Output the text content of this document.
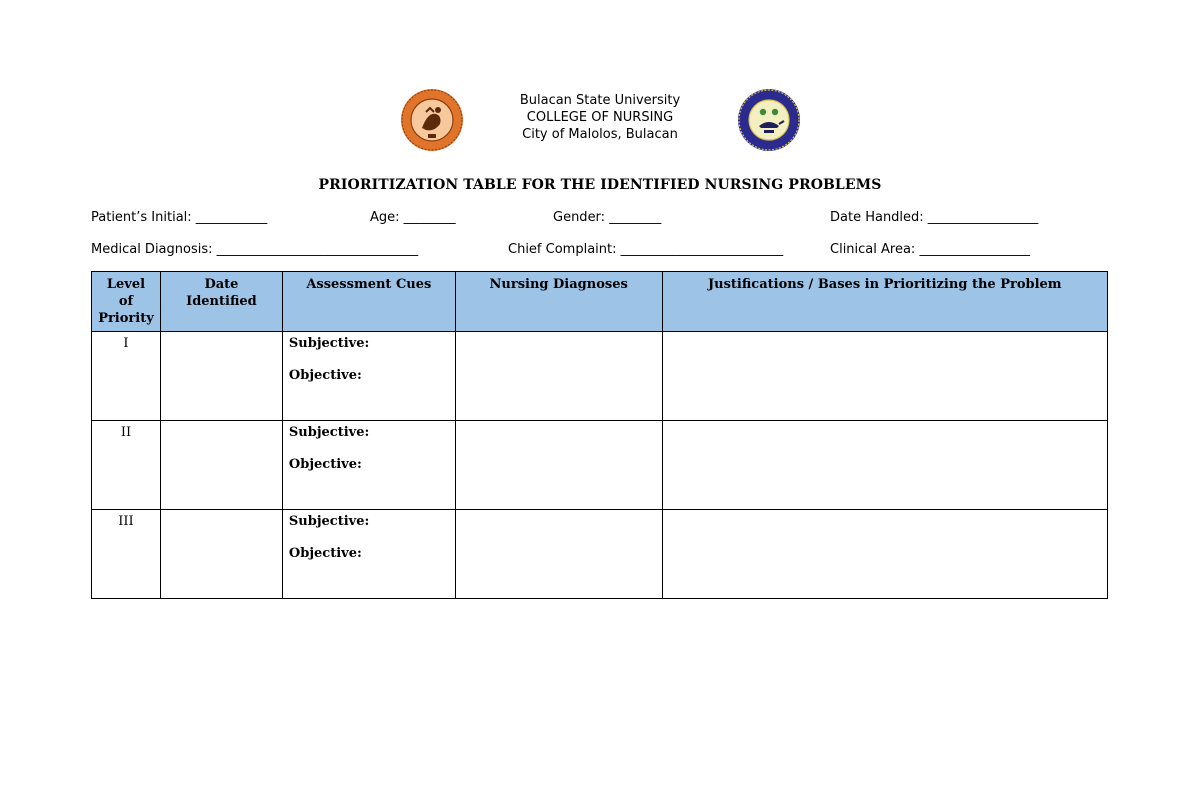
Bulacan State University
COLLEGE OF NURSING
City of Malolos, Bulacan
PRIORITIZATION TABLE FOR THE IDENTIFIED NURSING PROBLEMS
Patient’s Initial: ___________	Age: ________	Gender: ________	Date Handled: _________________
Medical Diagnosis: _______________________________	Chief Complaint: _________________________	Clinical Area: _________________
Level of Priority	Date Identified	Assessment Cues	Nursing Diagnoses	Justifications / Bases in Prioritizing the Problem
I		Subjective:
Objective:		

II		Subjective:
Objective:		

III		Subjective:
Objective:		
